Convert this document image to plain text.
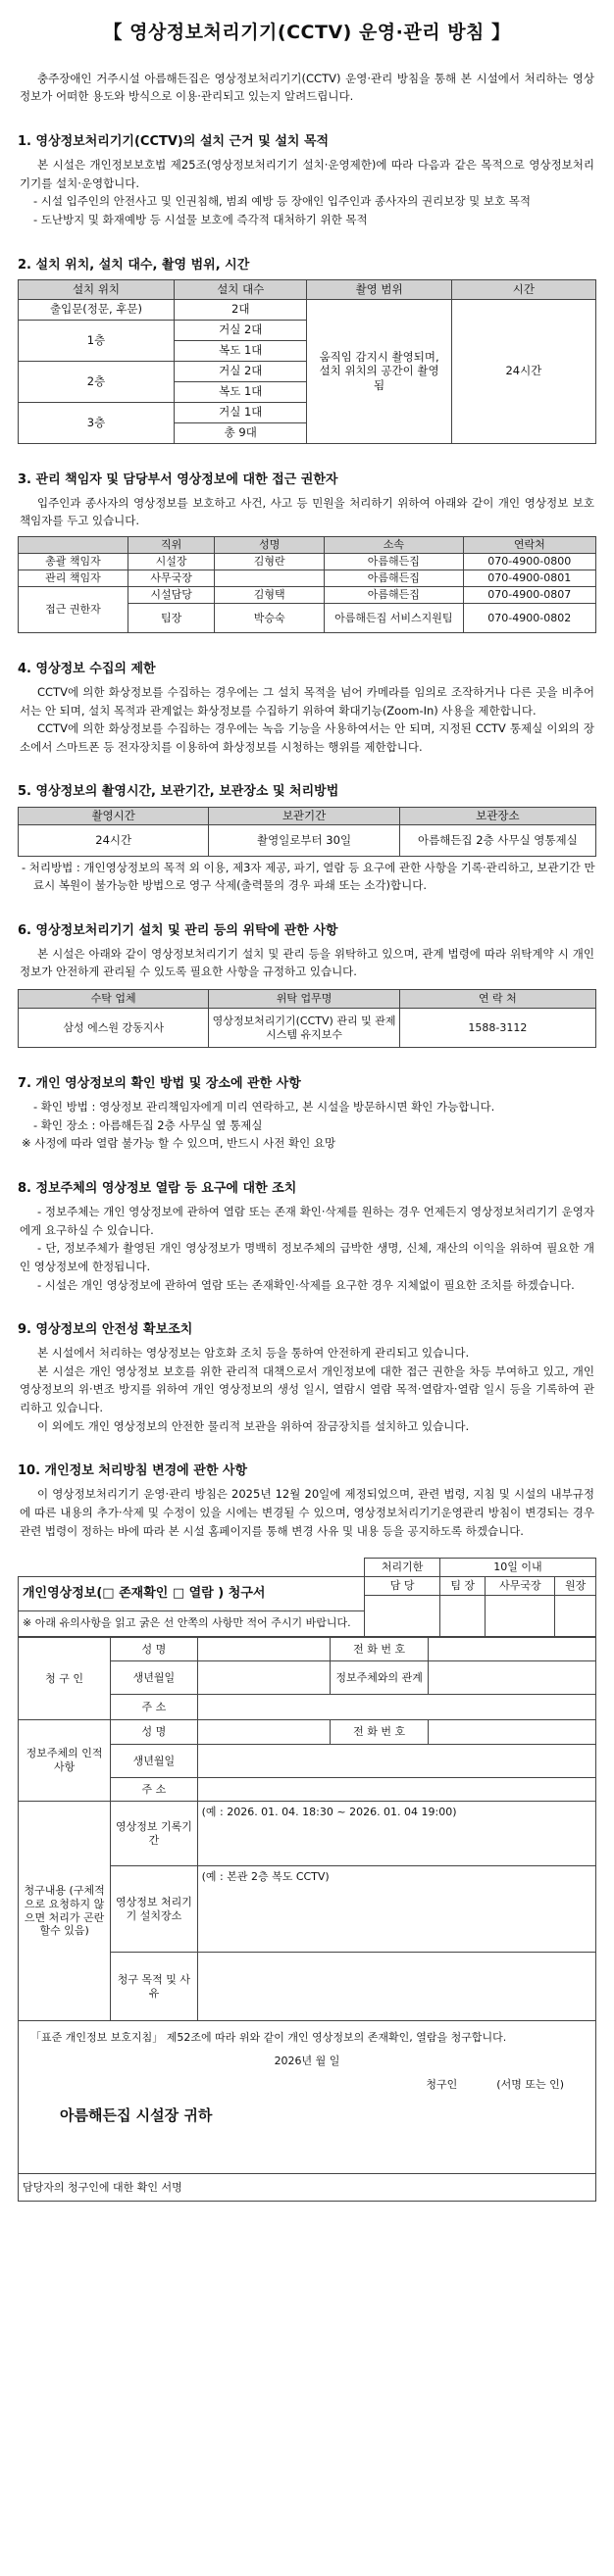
【 영상정보처리기기(CCTV) 운영·관리 방침 】
충주장애인 거주시설 아름해든집은 영상정보처리기기(CCTV) 운영·관리 방침을 통해 본 시설에서 처리하는 영상정보가 어떠한 용도와 방식으로 이용·관리되고 있는지 알려드립니다.
1. 영상정보처리기기(CCTV)의 설치 근거 및 설치 목적
본 시설은 개인정보보호법 제25조(영상정보처리기기 설치·운영제한)에 따라 다음과 같은 목적으로 영상정보처리기기를 설치·운영합니다.
- 시설 입주인의 안전사고 및 인권침해, 범죄 예방 등 장애인 입주인과 종사자의 권리보장 및 보호 목적
- 도난방지 및 화재예방 등 시설물 보호에 즉각적 대처하기 위한 목적
2. 설치 위치, 설치 대수, 촬영 범위, 시간
설치 위치	설치 대수	촬영 범위	시간
출입문(정문, 후문)	2대	움직임 감지시 촬영되며, 설치 위치의 공간이 촬영됨	24시간
1층	거실 2대		
	복도 1대		
2층	거실 2대		
	복도 1대		
3층	거실 1대		
	총 9대		
3. 관리 책임자 및 담당부서 영상정보에 대한 접근 권한자
입주인과 종사자의 영상정보를 보호하고 사건, 사고 등 민원을 처리하기 위하여 아래와 같이 개인 영상정보 보호 책임자를 두고 있습니다.
	직위	성명	소속	연락처
총괄 책임자	시설장	김형란	아름해든집	070-4900-0800
관리 책임자	사무국장		아름해든집	070-4900-0801
접근 권한자	시설담당	김형택	아름해든집	070-4900-0807
	팀장	박승숙	아름해든집 서비스지원팀	070-4900-0802
4. 영상정보 수집의 제한
CCTV에 의한 화상정보를 수집하는 경우에는 그 설치 목적을 넘어 카메라를 임의로 조작하거나 다른 곳을 비추어서는 안 되며, 설치 목적과 관계없는 화상정보를 수집하기 위하여 확대기능(Zoom-In) 사용을 제한합니다.
CCTV에 의한 화상정보를 수집하는 경우에는 녹음 기능을 사용하여서는 안 되며, 지정된 CCTV 통제실 이외의 장소에서 스마트폰 등 전자장치를 이용하여 화상정보를 시청하는 행위를 제한합니다.
5. 영상정보의 촬영시간, 보관기간, 보관장소 및 처리방법
촬영시간	보관기간	보관장소
24시간	촬영일로부터 30일	아름해든집 2층 사무실 영통제실
- 처리방법 : 개인영상정보의 목적 외 이용, 제3자 제공, 파기, 열람 등 요구에 관한 사항을 기록·관리하고, 보관기간 만료시 복원이 불가능한 방법으로 영구 삭제(출력물의 경우 파쇄 또는 소각)합니다.
6. 영상정보처리기기 설치 및 관리 등의 위탁에 관한 사항
본 시설은 아래와 같이 영상정보처리기기 설치 및 관리 등을 위탁하고 있으며, 관계 법령에 따라 위탁계약 시 개인정보가 안전하게 관리될 수 있도록 필요한 사항을 규정하고 있습니다.
수탁 업체	위탁 업무명	연 락 처
삼성 에스원 강동지사	영상정보처리기기(CCTV) 관리 및 관제시스템 유지보수	1588-3112
7. 개인 영상정보의 확인 방법 및 장소에 관한 사항
- 확인 방법 : 영상정보 관리책임자에게 미리 연락하고, 본 시설을 방문하시면 확인 가능합니다.
- 확인 장소 : 아름해든집 2층 사무실 옆 통제실
※ 사정에 따라 열람 불가능 할 수 있으며, 반드시 사전 확인 요망
8. 정보주체의 영상정보 열람 등 요구에 대한 조치
- 정보주체는 개인 영상정보에 관하여 열람 또는 존재 확인·삭제를 원하는 경우 언제든지 영상정보처리기기 운영자에게 요구하실 수 있습니다.
- 단, 정보주체가 촬영된 개인 영상정보가 명백히 정보주체의 급박한 생명, 신체, 재산의 이익을 위하여 필요한 개인 영상정보에 한정됩니다.
- 시설은 개인 영상정보에 관하여 열람 또는 존재확인·삭제를 요구한 경우 지체없이 필요한 조치를 하겠습니다.
9. 영상정보의 안전성 확보조치
본 시설에서 처리하는 영상정보는 암호화 조치 등을 통하여 안전하게 관리되고 있습니다.
본 시설은 개인 영상정보 보호를 위한 관리적 대책으로서 개인정보에 대한 접근 권한을 차등 부여하고 있고, 개인 영상정보의 위·변조 방지를 위하여 개인 영상정보의 생성 일시, 열람시 열람 목적·열람자·열람 일시 등을 기록하여 관리하고 있습니다.
이 외에도 개인 영상정보의 안전한 물리적 보관을 위하여 잠금장치를 설치하고 있습니다.
10. 개인정보 처리방침 변경에 관한 사항
이 영상정보처리기기 운영·관리 방침은 2025년 12월 20일에 제정되었으며, 관련 법령, 지침 및 시설의 내부규정에 따른 내용의 추가·삭제 및 수정이 있을 시에는 변경될 수 있으며, 영상정보처리기기운영관리 방침이 변경되는 경우 관련 법령이 정하는 바에 따라 본 시설 홈페이지를 통해 변경 사유 및 내용 등을 공지하도록 하겠습니다.
	처리기한	10일 이내		
개인영상정보(□ 존재확인 □ 열람 ) 청구서	담 당	팀 장	사무국장	원장

※ 아래 유의사항을 읽고 굵은 선 안쪽의 사항만 적어 주시기 바랍니다.				
청 구 인	성 명		전 화 번 호	
	생년월일		정보주체와의 관계	
	주 소			
정보주체의 인적사항	성 명		전 화 번 호	
	생년월일			
	주 소			
청구내용 (구체적으로 요청하지 않으면 처리가 곤란할수 있음)	영상정보 기록기간	(예 : 2026. 01. 04. 18:30 ~ 2026. 01. 04 19:00)		
	영상정보 처리기기 설치장소	(예 : 본관 2층 복도 CCTV)		
	청구 목적 및 사유			

「표준 개인정보 보호지침」 제52조에 따라 위와 같이 개인 영상정보의 존재확인, 열람을 청구합니다.
2026년 월 일
청구인 (서명 또는 인)
아름해든집 시설장 귀하				

담당자의 청구인에 대한 확인 서명				
